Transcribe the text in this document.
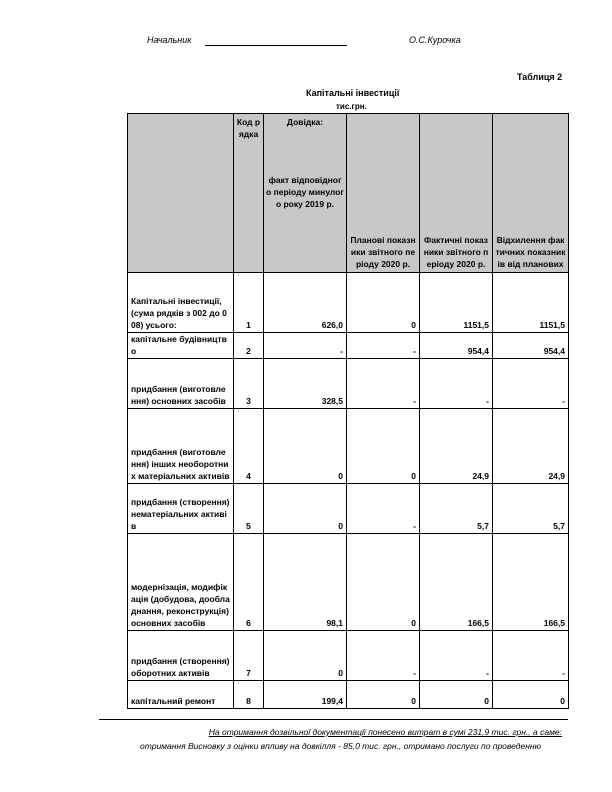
Начальник	О.С.Курочка
Таблиця 2
Капітальні інвестиції
тис.грн.
	Код рядка	Довідка:
факт відповідного періоду минулого року 2019 р.	Планові показники звітного періоду 2020 р.	Фактичні показники звітного періоду 2020 р.	Відхилення фактичних показників від планових
Капітальні інвестиції, (сума рядків з 002 до 008) усього:	1	626,0	0	1151,5	1151,5
капітальне будівництво	2	-	-	954,4	954,4
придбання (виготовлення) основних засобів	3	328,5	-	-	-
придбання (виготовлення) інших необоротних матеріальних активів	4	0	0	24,9	24,9
придбання (створення) нематеріальних активів	5	0	-	5,7	5,7
модернізація, модифікація (добудова, дообладнання, реконструкція) основних засобів	6	98,1	0	166,5	166,5
придбання (створення) оборотних активів	7	0	-	-	-
капітальний ремонт	8	199,4	0	0	0
На отримання дозвільної документації понесено витрат в сумі 231,9 тис. грн., а саме:
отримання Висновку з оцінки впливу на довкілля - 85,0 тис. грн., отримано послуги по проведенню
